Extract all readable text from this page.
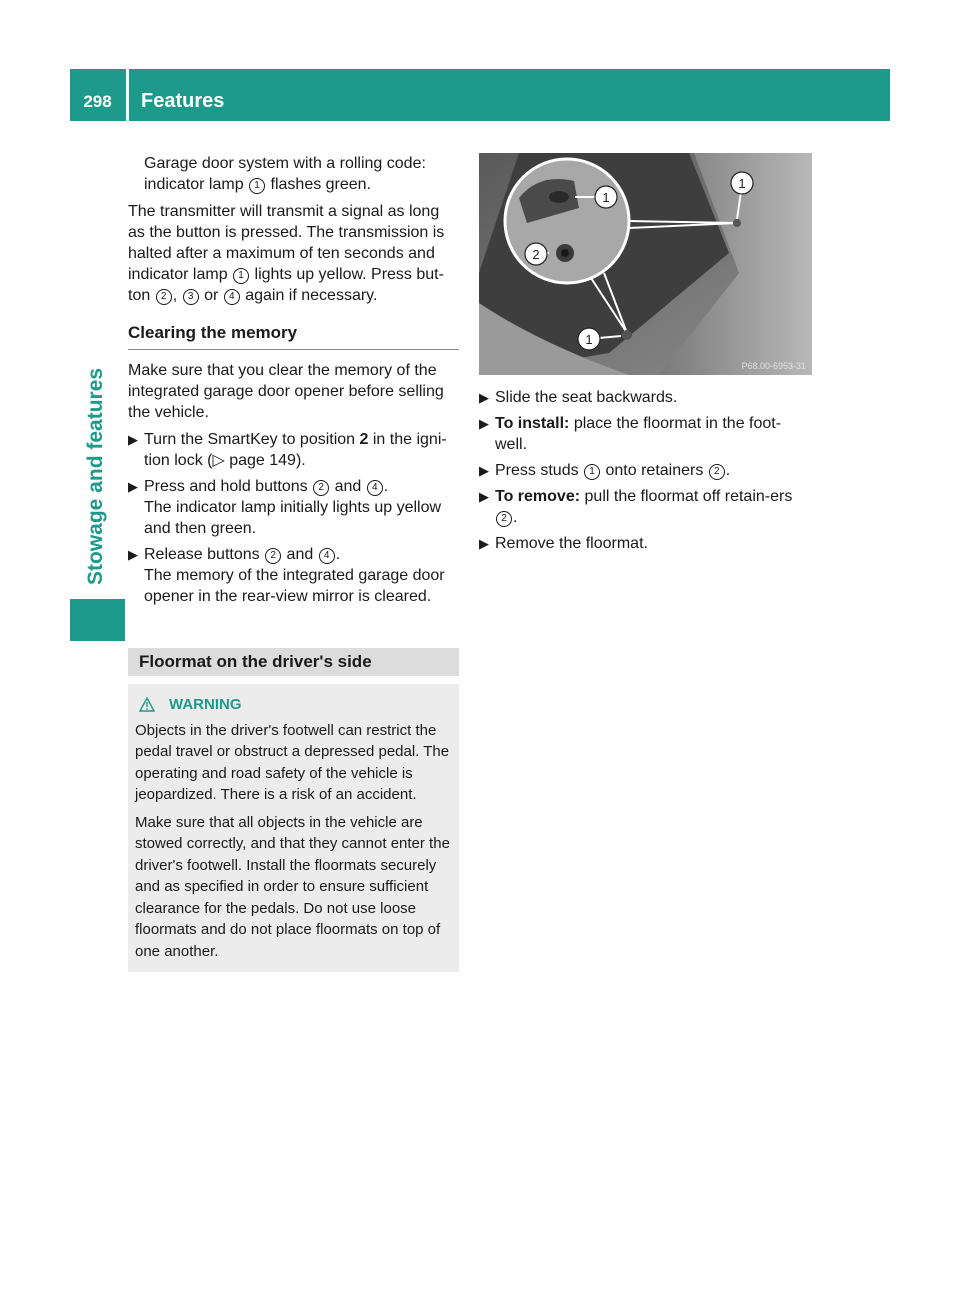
298	Features
Stowage and features

Garage door system with a rolling code:

indicator lamp 1 flashes green.

The transmitter will transmit a signal as long as the button is pressed. The transmission is halted after a maximum of ten seconds and indicator lamp 1 lights up yellow. Press but-ton 2 , 3 or 4 again if necessary.

Clearing the memory

Make sure that you clear the memory of the integrated garage door opener before selling the vehicle.

▶ Turn the SmartKey to position 2 in the igni-tion lock (▷ page 149).
▶ Press and hold buttons 2 and 4 .
The indicator lamp initially lights up yellow and then green.
▶ Release buttons 2 and 4 .
The memory of the integrated garage door opener in the rear-view mirror is cleared.
Floormat on the driver's side
WARNING

Objects in the driver's footwell can restrict the pedal travel or obstruct a depressed pedal. The operating and road safety of the vehicle is jeopardized. There is a risk of an accident.

Make sure that all objects in the vehicle are stowed correctly, and that they cannot enter the driver's footwell. Install the floormats securely and as specified in order to ensure sufficient clearance for the pedals. Do not use loose floormats and do not place floormats on top of one another.

1
2
1
1
P68.00-6953-31
▶ Slide the seat backwards.
▶ To install: place the floormat in the foot-well.
▶ Press studs 1 onto retainers 2 .
▶ To remove: pull the floormat off retain-ers 2 .
▶ Remove the floormat.
